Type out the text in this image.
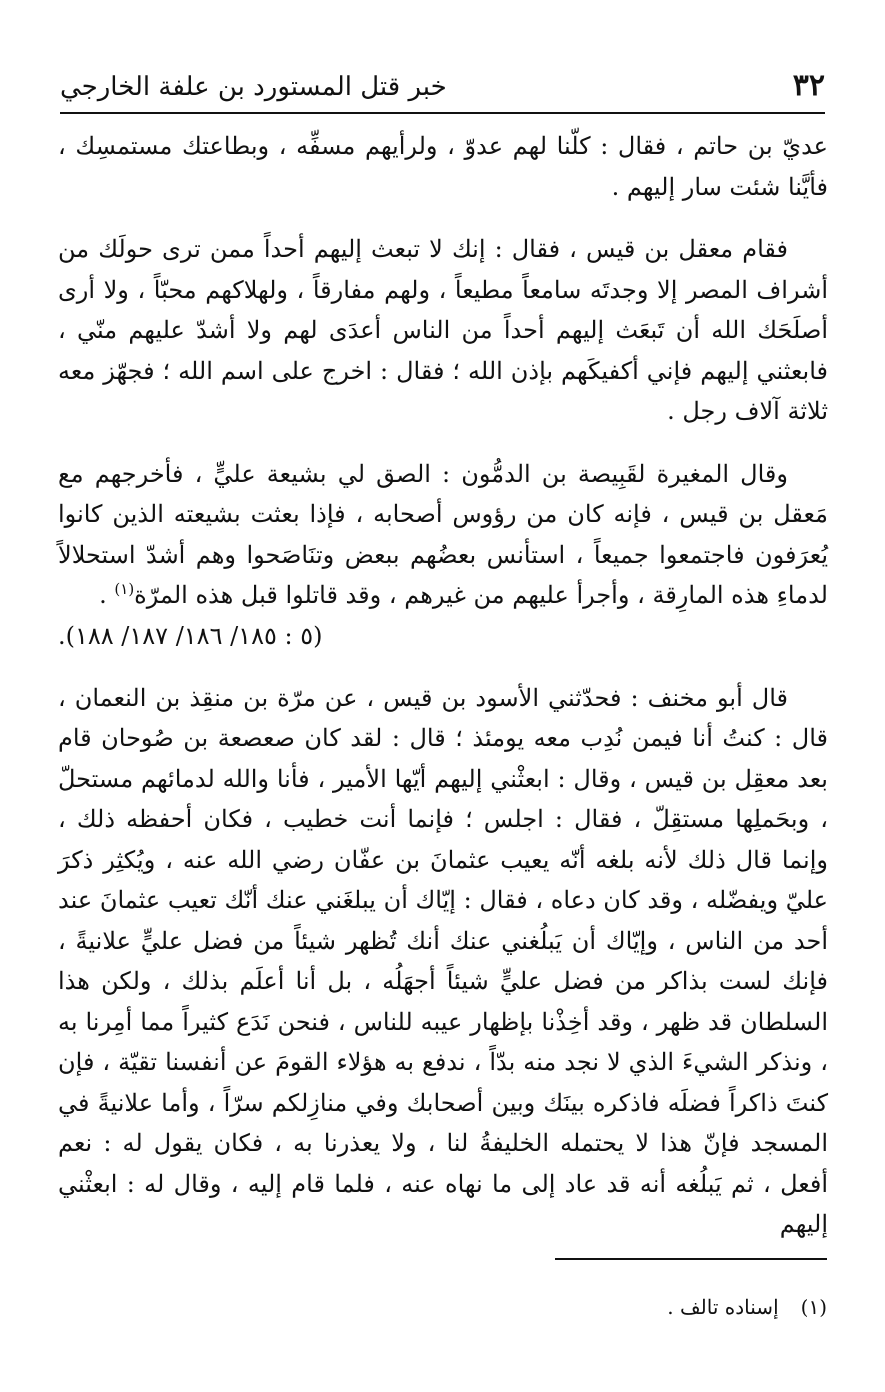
٣٢
خبر قتل المستورد بن علفة الخارجي

عديّ بن حاتم ، فقال : كلّنا لهم عدوّ ، ولرأيهم مسفِّه ، وبطاعتك مستمسِك ، فأيَّنا شئت سار إليهم .

فقام معقل بن قيس ، فقال : إنك لا تبعث إليهم أحداً ممن ترى حولَك من أشراف المصر إلا وجدتَه سامعاً مطيعاً ، ولهم مفارقاً ، ولهلاكهم محبّاً ، ولا أرى أصلَحَك الله أن تَبعَث إليهم أحداً من الناس أعدَى لهم ولا أشدّ عليهم منّي ، فابعثني إليهم فإني أكفيكَهم بإذن الله ؛ فقال : اخرج على اسم الله ؛ فجهّز معه ثلاثة آلاف رجل .

وقال المغيرة لقَبِيصة بن الدمُّون : الصق لي بشيعة عليٍّ ، فأخرجهم مع مَعقل بن قيس ، فإنه كان من رؤوس أصحابه ، فإذا بعثت بشيعته الذين كانوا يُعرَفون فاجتمعوا جميعاً ، استأنس بعضُهم ببعض وتنَاصَحوا وهم أشدّ استحلالاً لدماءِ هذه المارِقة ، وأجرأ عليهم من غيرهم ، وقد قاتلوا قبل هذه المرّة$^{(١)}$ .

(٥ : ١٨٥/ ١٨٦/ ١٨٧/ ١٨٨).

قال أبو مخنف : فحدّثني الأسود بن قيس ، عن مرّة بن منقِذ بن النعمان ، قال : كنتُ أنا فيمن نُدِب معه يومئذ ؛ قال : لقد كان صعصعة بن صُوحان قام بعد معقِل بن قيس ، وقال : ابعثْني إليهم أيّها الأمير ، فأنا والله لدمائهم مستحلّ ، وبحَملِها مستقِلّ ، فقال : اجلس ؛ فإنما أنت خطيب ، فكان أحفظه ذلك ، وإنما قال ذلك لأنه بلغه أنّه يعيب عثمانَ بن عفّان رضي الله عنه ، ويُكثِر ذكرَ عليّ ويفضّله ، وقد كان دعاه ، فقال : إيّاك أن يبلغَني عنك أنّك تعيب عثمانَ عند أحد من الناس ، وإيّاك أن يَبلُغني عنك أنك تُظهر شيئاً من فضل عليٍّ علانيةً ، فإنك لست بذاكر من فضل عليٍّ شيئاً أجهَلُه ، بل أنا أعلَم بذلك ، ولكن هذا السلطان قد ظهر ، وقد أخِذْنا بإظهار عيبه للناس ، فنحن نَدَع كثيراً مما أمِرنا به ، ونذكر الشيءَ الذي لا نجد منه بدّاً ، ندفع به هؤلاء القومَ عن أنفسنا تقيّة ، فإن كنتَ ذاكراً فضلَه فاذكره بينَك وبين أصحابك وفي منازِلكم سرّاً ، وأما علانيةً في المسجد فإنّ هذا لا يحتمله الخليفةُ لنا ، ولا يعذرنا به ، فكان يقول له : نعم أفعل ، ثم يَبلُغه أنه قد عاد إلى ما نهاه عنه ، فلما قام إليه ، وقال له : ابعثْني إليهم

(١)إسناده تالف .
